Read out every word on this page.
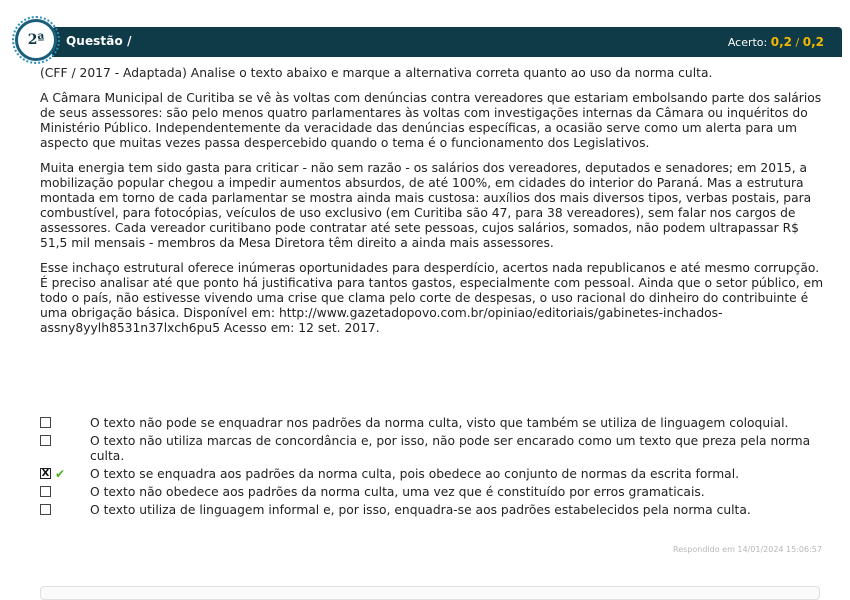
2ª Questão /	Acerto: 0,2 / 0,2

(CFF / 2017 - Adaptada) Analise o texto abaixo e marque a alternativa correta quanto ao uso da norma culta.

A Câmara Municipal de Curitiba se vê às voltas com denúncias contra vereadores que estariam embolsando parte dos salários de seus assessores: são pelo menos quatro parlamentares às voltas com investigações internas da Câmara ou inquéritos do Ministério Público. Independentemente da veracidade das denúncias específicas, a ocasião serve como um alerta para um aspecto que muitas vezes passa despercebido quando o tema é o funcionamento dos Legislativos.

Muita energia tem sido gasta para criticar - não sem razão - os salários dos vereadores, deputados e senadores; em 2015, a mobilização popular chegou a impedir aumentos absurdos, de até 100%, em cidades do interior do Paraná. Mas a estrutura montada em torno de cada parlamentar se mostra ainda mais custosa: auxílios dos mais diversos tipos, verbas postais, para combustível, para fotocópias, veículos de uso exclusivo (em Curitiba são 47, para 38 vereadores), sem falar nos cargos de assessores. Cada vereador curitibano pode contratar até sete pessoas, cujos salários, somados, não podem ultrapassar R$ 51,5 mil mensais - membros da Mesa Diretora têm direito a ainda mais assessores.

Esse inchaço estrutural oferece inúmeras oportunidades para desperdício, acertos nada republicanos e até mesmo corrupção. É preciso analisar até que ponto há justificativa para tantos gastos, especialmente com pessoal. Ainda que o setor público, em todo o país, não estivesse vivendo uma crise que clama pelo corte de despesas, o uso racional do dinheiro do contribuinte é uma obrigação básica. Disponível em: http://www.gazetadopovo.com.br/opiniao/editoriais/gabinetes-inchados-assny8yylh8531n37lxch6pu5 Acesso em: 12 set. 2017.

O texto não pode se enquadrar nos padrões da norma culta, visto que também se utiliza de linguagem coloquial.
O texto não utiliza marcas de concordância e, por isso, não pode ser encarado como um texto que preza pela norma culta.
X ✔ O texto se enquadra aos padrões da norma culta, pois obedece ao conjunto de normas da escrita formal.
O texto não obedece aos padrões da norma culta, uma vez que é constituído por erros gramaticais.
O texto utiliza de linguagem informal e, por isso, enquadra-se aos padrões estabelecidos pela norma culta.
Respondido em 14/01/2024 15:06:57
